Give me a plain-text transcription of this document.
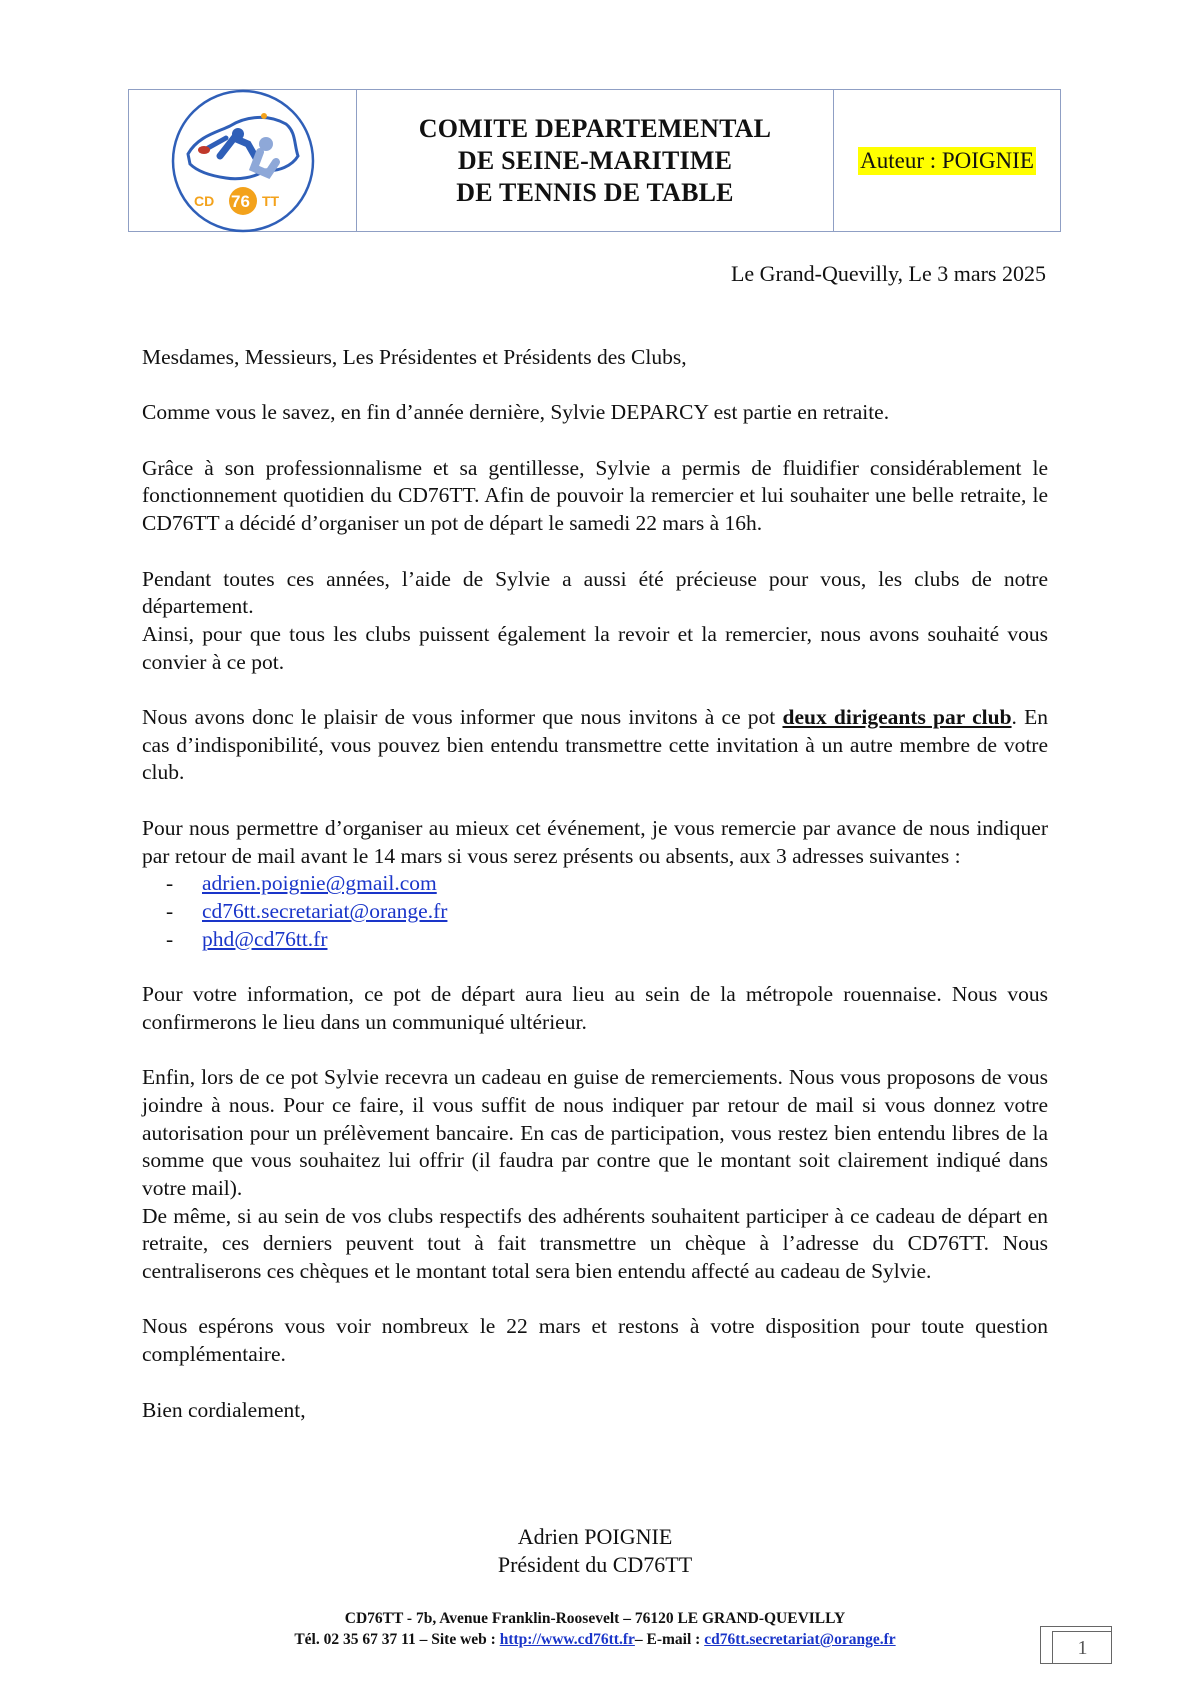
CD 76 TT
COMITE DEPARTEMENTAL
DE SEINE-MARITIME
DE TENNIS DE TABLE
Auteur : POIGNIE
Le Grand-Quevilly, Le 3 mars 2025

Mesdames, Messieurs, Les Présidentes et Présidents des Clubs,

Comme vous le savez, en fin d’année dernière, Sylvie DEPARCY est partie en retraite.

Grâce à son professionnalisme et sa gentillesse, Sylvie a permis de fluidifier considérablement le fonctionnement quotidien du CD76TT. Afin de pouvoir la remercier et lui souhaiter une belle retraite, le CD76TT a décidé d’organiser un pot de départ le samedi 22 mars à 16h.

Pendant toutes ces années, l’aide de Sylvie a aussi été précieuse pour vous, les clubs de notre département.

Ainsi, pour que tous les clubs puissent également la revoir et la remercier, nous avons souhaité vous convier à ce pot.

Nous avons donc le plaisir de vous informer que nous invitons à ce pot deux dirigeants par club. En cas d’indisponibilité, vous pouvez bien entendu transmettre cette invitation à un autre membre de votre club.

Pour nous permettre d’organiser au mieux cet événement, je vous remercie par avance de nous indiquer par retour de mail avant le 14 mars si vous serez présents ou absents, aux 3 adresses suivantes :

-	adrien.poignie@gmail.com
-	cd76tt.secretariat@orange.fr
-	phd@cd76tt.fr

Pour votre information, ce pot de départ aura lieu au sein de la métropole rouennaise. Nous vous confirmerons le lieu dans un communiqué ultérieur.

Enfin, lors de ce pot Sylvie recevra un cadeau en guise de remerciements. Nous vous proposons de vous joindre à nous. Pour ce faire, il vous suffit de nous indiquer par retour de mail si vous donnez votre autorisation pour un prélèvement bancaire. En cas de participation, vous restez bien entendu libres de la somme que vous souhaitez lui offrir (il faudra par contre que le montant soit clairement indiqué dans votre mail).

De même, si au sein de vos clubs respectifs des adhérents souhaitent participer à ce cadeau de départ en retraite, ces derniers peuvent tout à fait transmettre un chèque à l’adresse du CD76TT. Nous centraliserons ces chèques et le montant total sera bien entendu affecté au cadeau de Sylvie.

Nous espérons vous voir nombreux le 22 mars et restons à votre disposition pour toute question complémentaire.

Bien cordialement,

Adrien POIGNIE
Président du CD76TT
CD76TT - 7b, Avenue Franklin-Roosevelt – 76120 LE GRAND-QUEVILLY
Tél. 02 35 67 37 11 – Site web : http://www.cd76tt.fr– E-mail : cd76tt.secretariat@orange.fr	1
